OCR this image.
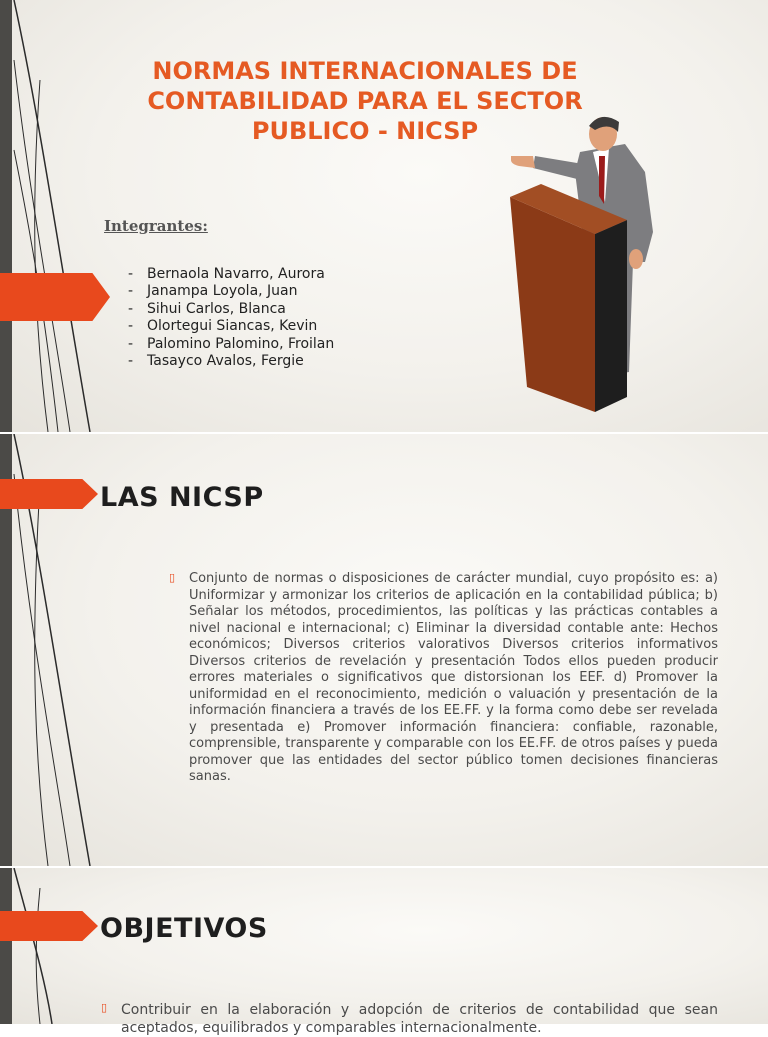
NORMAS INTERNACIONALES DE CONTABILIDAD PARA EL SECTOR PUBLICO - NICSP
Integrantes:
- Bernaola Navarro, Aurora
- Janampa Loyola, Juan
- Sihui Carlos, Blanca
- Olortegui Siancas, Kevin
- Palomino Palomino, Froilan
- Tasayco Avalos, Fergie
LAS NICSP
▯ Conjunto de normas o disposiciones de carácter mundial, cuyo propósito es: a) Uniformizar y armonizar los criterios de aplicación en la contabilidad pública; b) Señalar los métodos, procedimientos, las políticas y las prácticas contables a nivel nacional e internacional; c) Eliminar la diversidad contable ante: Hechos económicos; Diversos criterios valorativos Diversos criterios informativos Diversos criterios de revelación y presentación Todos ellos pueden producir errores materiales o significativos que distorsionan los EEF. d) Promover la uniformidad en el reconocimiento, medición o valuación y presentación de la información financiera a través de los EE.FF. y la forma como debe ser revelada y presentada e) Promover información financiera: confiable, razonable, comprensible, transparente y comparable con los EE.FF. de otros países y pueda promover que las entidades del sector público tomen decisiones financieras sanas.

OBJETIVOS
▯ Contribuir en la elaboración y adopción de criterios de contabilidad que sean aceptados, equilibrados y comparables internacionalmente.
